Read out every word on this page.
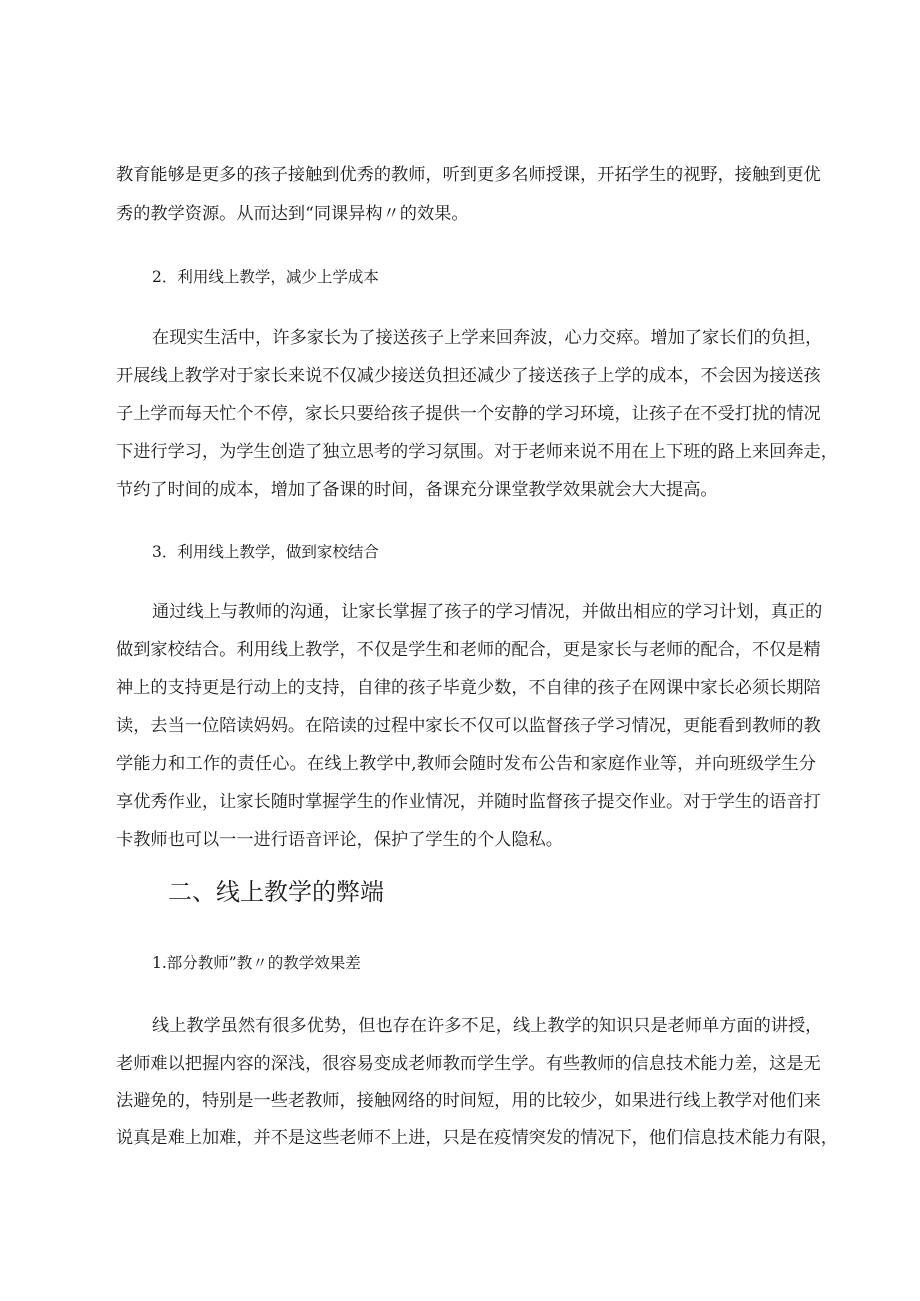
教育能够是更多的孩子接触到优秀的教师，听到更多名师授课，开拓学生的视野，接触到更优
秀的教学资源。从而达到“同课异构〃的效果。
2．利用线上教学，减少上学成本
在现实生活中，许多家长为了接送孩子上学来回奔波，心力交瘁。增加了家长们的负担，
开展线上教学对于家长来说不仅减少接送负担还减少了接送孩子上学的成本，不会因为接送孩
子上学而每天忙个不停，家长只要给孩子提供一个安静的学习环境，让孩子在不受打扰的情况
下进行学习，为学生创造了独立思考的学习氛围。对于老师来说不用在上下班的路上来回奔走，
节约了时间的成本，增加了备课的时间，备课充分课堂教学效果就会大大提高。
3．利用线上教学，做到家校结合
通过线上与教师的沟通，让家长掌握了孩子的学习情况，并做出相应的学习计划，真正的
做到家校结合。利用线上教学，不仅是学生和老师的配合，更是家长与老师的配合，不仅是精
神上的支持更是行动上的支持，自律的孩子毕竟少数，不自律的孩子在网课中家长必须长期陪
读，去当一位陪读妈妈。在陪读的过程中家长不仅可以监督孩子学习情况，更能看到教师的教
学能力和工作的责任心。在线上教学中,教师会随时发布公告和家庭作业等，并向班级学生分
享优秀作业，让家长随时掌握学生的作业情况，并随时监督孩子提交作业。对于学生的语音打
卡教师也可以一一进行语音评论，保护了学生的个人隐私。
二、线上教学的弊端
1.部分教师”教〃的教学效果差
线上教学虽然有很多优势，但也存在许多不足，线上教学的知识只是老师单方面的讲授，
老师难以把握内容的深浅，很容易变成老师教而学生学。有些教师的信息技术能力差，这是无
法避免的，特别是一些老教师，接触网络的时间短，用的比较少，如果进行线上教学对他们来
说真是难上加难，并不是这些老师不上进，只是在疫情突发的情况下，他们信息技术能力有限，
